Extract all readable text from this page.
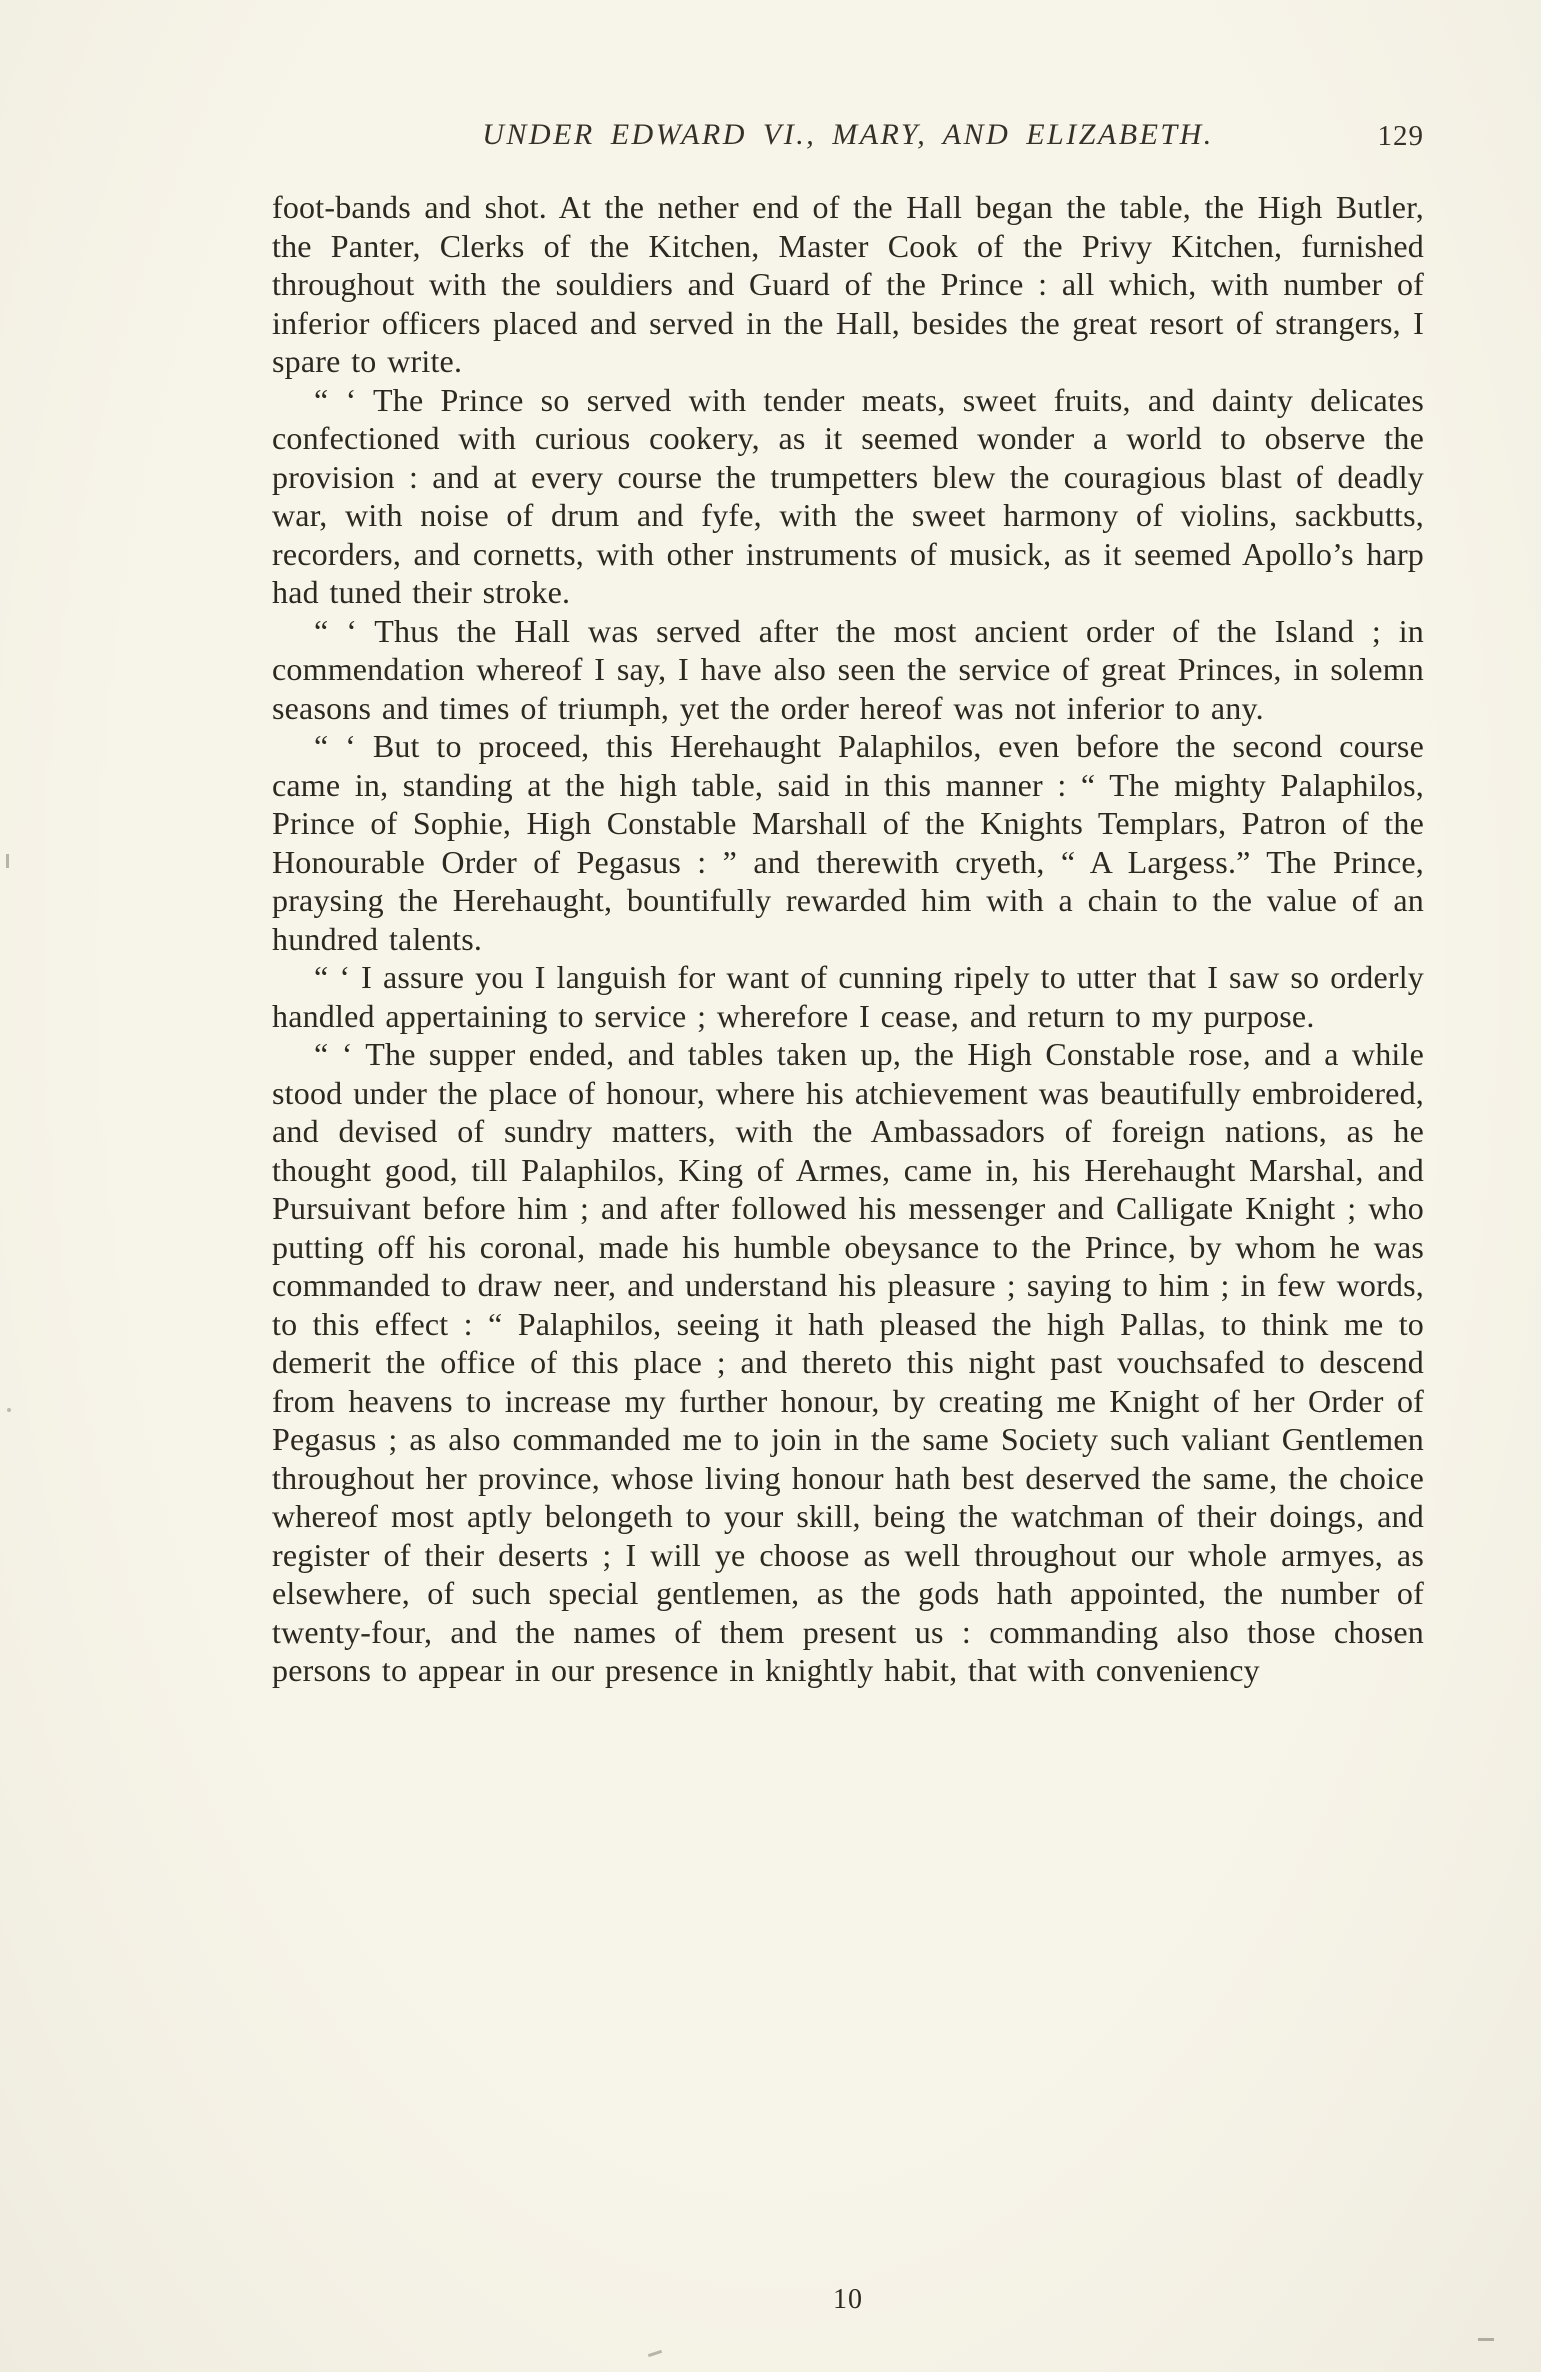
UNDER EDWARD VI., MARY, AND ELIZABETH.	129

foot-bands and shot. At the nether end of the Hall began the table, the High Butler, the Panter, Clerks of the Kitchen, Master Cook of the Privy Kitchen, furnished throughout with the souldiers and Guard of the Prince : all which, with number of inferior officers placed and served in the Hall, besides the great resort of strangers, I spare to write.

“ ‘ The Prince so served with tender meats, sweet fruits, and dainty delicates confectioned with curious cookery, as it seemed wonder a world to observe the provision : and at every course the trumpetters blew the couragious blast of deadly war, with noise of drum and fyfe, with the sweet harmony of violins, sackbutts, recorders, and cornetts, with other instruments of musick, as it seemed Apollo’s harp had tuned their stroke.

“ ‘ Thus the Hall was served after the most ancient order of the Island ; in commendation whereof I say, I have also seen the service of great Princes, in solemn seasons and times of triumph, yet the order hereof was not inferior to any.

“ ‘ But to proceed, this Herehaught Palaphilos, even before the second course came in, standing at the high table, said in this manner : “ The mighty Palaphilos, Prince of Sophie, High Constable Marshall of the Knights Templars, Patron of the Honourable Order of Pegasus : ” and therewith cryeth, “ A Largess.” The Prince, praysing the Herehaught, bountifully rewarded him with a chain to the value of an hundred talents.

“ ‘ I assure you I languish for want of cunning ripely to utter that I saw so orderly handled appertaining to service ; wherefore I cease, and return to my purpose.

“ ‘ The supper ended, and tables taken up, the High Constable rose, and a while stood under the place of honour, where his atchievement was beautifully embroidered, and devised of sundry matters, with the Ambassadors of foreign nations, as he thought good, till Palaphilos, King of Armes, came in, his Herehaught Marshal, and Pursuivant before him ; and after followed his messenger and Calligate Knight ; who putting off his coronal, made his humble obeysance to the Prince, by whom he was commanded to draw neer, and understand his pleasure ; saying to him ; in few words, to this effect : “ Palaphilos, seeing it hath pleased the high Pallas, to think me to demerit the office of this place ; and thereto this night past vouchsafed to descend from heavens to increase my further honour, by creating me Knight of her Order of Pegasus ; as also commanded me to join in the same Society such valiant Gentlemen throughout her province, whose living honour hath best deserved the same, the choice whereof most aptly belongeth to your skill, being the watchman of their doings, and register of their deserts ; I will ye choose as well throughout our whole armyes, as elsewhere, of such special gentlemen, as the gods hath appointed, the number of twenty-four, and the names of them present us : commanding also those chosen persons to appear in our presence in knightly habit, that with conveniency

10
